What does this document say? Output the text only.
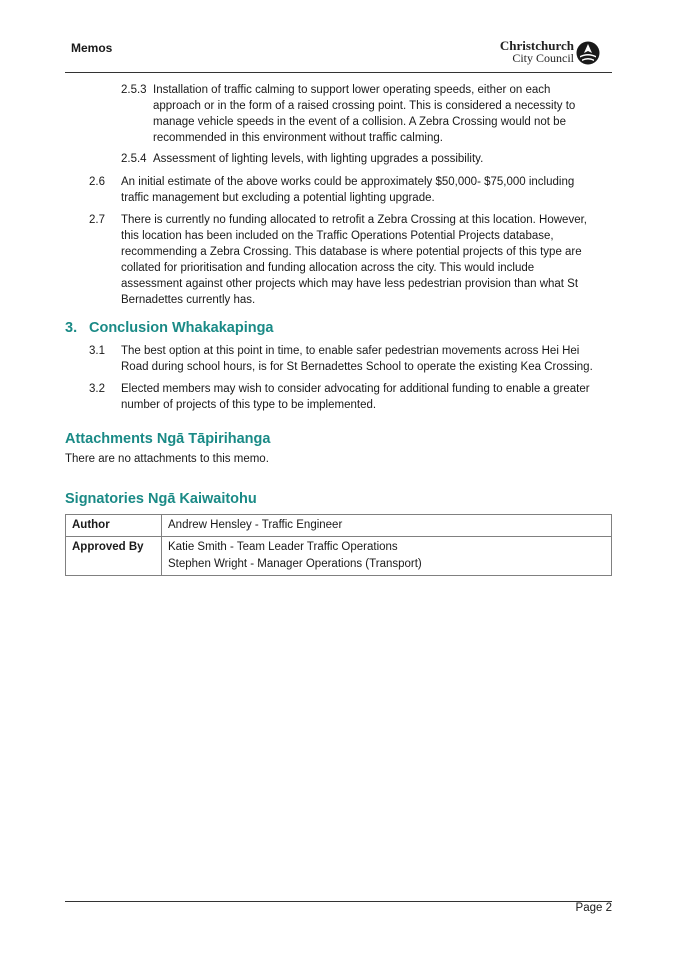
Memos	Christchurch
City Council
2.5.3 Installation of traffic calming to support lower operating speeds, either on each
approach or in the form of a raised crossing point. This is considered a necessity to
manage vehicle speeds in the event of a collision. A Zebra Crossing would not be
recommended in this environment without traffic calming.
2.5.4 Assessment of lighting levels, with lighting upgrades a possibility.
2.6 An initial estimate of the above works could be approximately $50,000- $75,000 including
traffic management but excluding a potential lighting upgrade.
2.7 There is currently no funding allocated to retrofit a Zebra Crossing at this location. However,
this location has been included on the Traffic Operations Potential Projects database,
recommending a Zebra Crossing. This database is where potential projects of this type are
collated for prioritisation and funding allocation across the city. This would include
assessment against other projects which may have less pedestrian provision than what St
Bernadettes currently has.
3. Conclusion Whakakapinga
3.1 The best option at this point in time, to enable safer pedestrian movements across Hei Hei
Road during school hours, is for St Bernadettes School to operate the existing Kea Crossing.
3.2 Elected members may wish to consider advocating for additional funding to enable a greater
number of projects of this type to be implemented.
Attachments Ngā Tāpirihanga
There are no attachments to this memo.
Signatories Ngā Kaiwaitohu
Author	Andrew Hensley - Traffic Engineer
Approved By	Katie Smith - Team Leader Traffic Operations
Stephen Wright - Manager Operations (Transport)
Page 2
